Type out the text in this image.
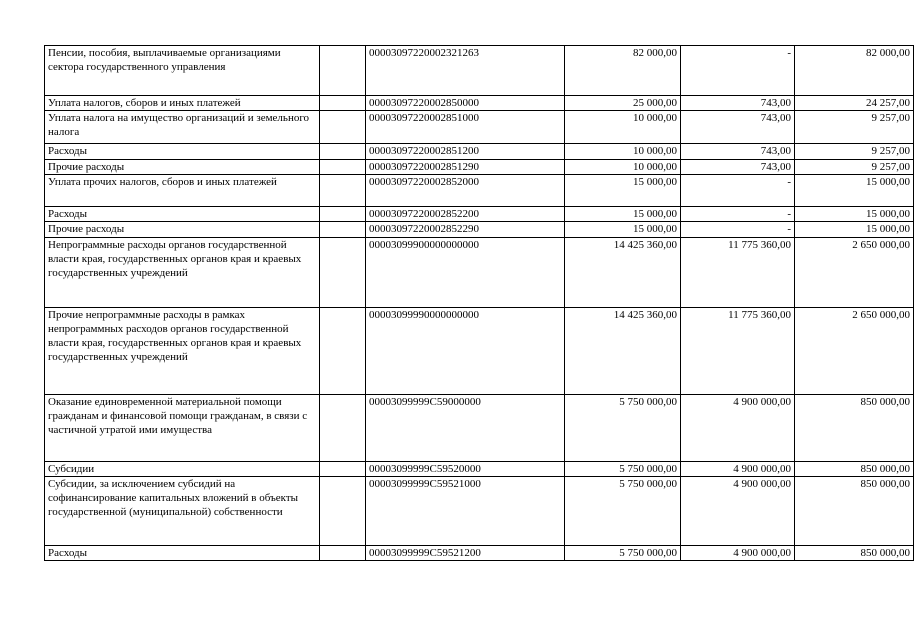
Пенсии, пособия, выплачиваемые организациями сектора государственного управления		00003097220002321263	82 000,00	-	82 000,00
Уплата налогов, сборов и иных платежей		00003097220002850000	25 000,00	743,00	24 257,00
Уплата налога на имущество организаций и земельного налога		00003097220002851000	10 000,00	743,00	9 257,00
Расходы		00003097220002851200	10 000,00	743,00	9 257,00
Прочие расходы		00003097220002851290	10 000,00	743,00	9 257,00
Уплата прочих налогов, сборов и иных платежей		00003097220002852000	15 000,00	-	15 000,00
Расходы		00003097220002852200	15 000,00	-	15 000,00
Прочие расходы		00003097220002852290	15 000,00	-	15 000,00
Непрограммные расходы органов государственной власти края, государственных органов края и краевых государственных учреждений		00003099900000000000	14 425 360,00	11 775 360,00	2 650 000,00
Прочие непрограммные расходы в рамках непрограммных расходов органов государственной власти края, государственных органов края и краевых государственных учреждений		00003099990000000000	14 425 360,00	11 775 360,00	2 650 000,00
Оказание единовременной материальной помощи гражданам и финансовой помощи гражданам, в связи с частичной утратой ими имущества		00003099999С59000000	5 750 000,00	4 900 000,00	850 000,00
Субсидии		00003099999С59520000	5 750 000,00	4 900 000,00	850 000,00
Субсидии, за исключением субсидий на софинансирование капитальных вложений в объекты государственной (муниципальной) собственности		00003099999С59521000	5 750 000,00	4 900 000,00	850 000,00
Расходы		00003099999С59521200	5 750 000,00	4 900 000,00	850 000,00
